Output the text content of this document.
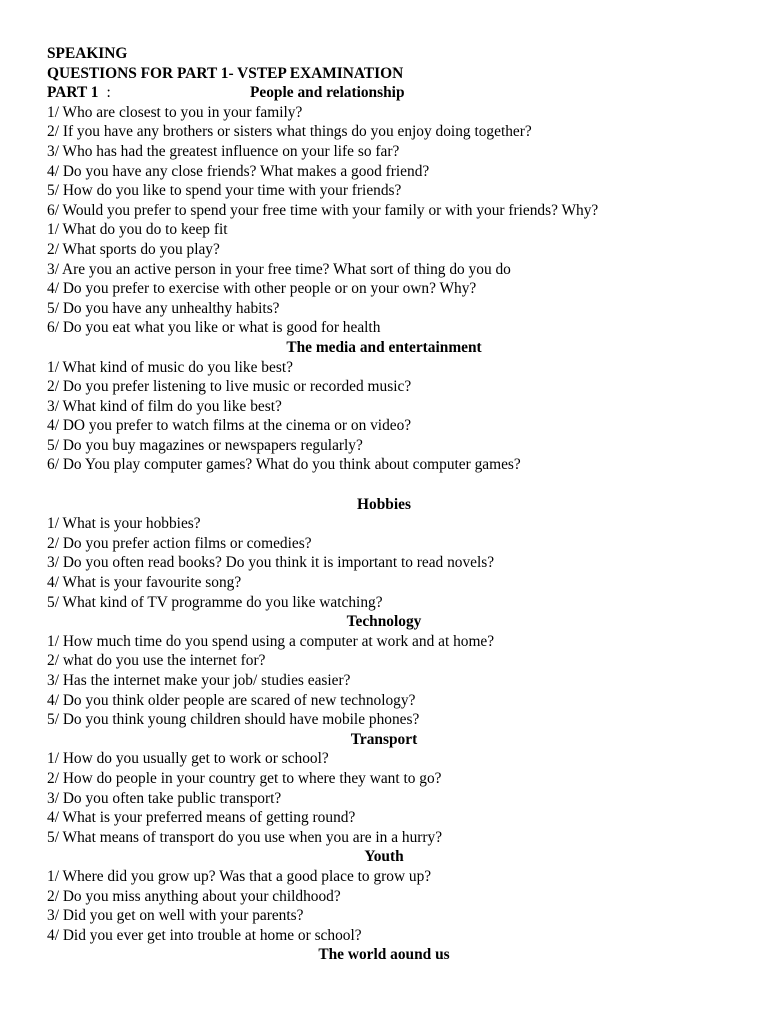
SPEAKING
QUESTIONS FOR PART 1- VSTEP EXAMINATION
PART 1 :	People and relationship
1/ Who are closest to you in your family?
2/ If you have any brothers or sisters what things do you enjoy doing together?
3/ Who has had the greatest influence on your life so far?
4/ Do you have any close friends? What makes a good friend?
5/ How do you like to spend your time with your friends?
6/ Would you prefer to spend your free time with your family or with your friends? Why?
1/ What do you do to keep fit
2/ What sports do you play?
3/ Are you an active person in your free time? What sort of thing do you do
4/ Do you prefer to exercise with other people or on your own? Why?
5/ Do you have any unhealthy habits?
6/ Do you eat what you like or what is good for health
The media and entertainment
1/ What kind of music do you like best?
2/ Do you prefer listening to live music or recorded music?
3/ What kind of film do you like best?
4/ DO you prefer to watch films at the cinema or on video?
5/ Do you buy magazines or newspapers regularly?
6/ Do You play computer games? What do you think about computer games?
Hobbies
1/ What is your hobbies?
2/ Do you prefer action films or comedies?
3/ Do you often read books? Do you think it is important to read novels?
4/ What is your favourite song?
5/ What kind of TV programme do you like watching?
Technology
1/ How much time do you spend using a computer at work and at home?
2/ what do you use the internet for?
3/ Has the internet make your job/ studies easier?
4/ Do you think older people are scared of new technology?
5/ Do you think young children should have mobile phones?
Transport
1/ How do you usually get to work or school?
2/ How do people in your country get to where they want to go?
3/ Do you often take public transport?
4/ What is your preferred means of getting round?
5/ What means of transport do you use when you are in a hurry?
Youth
1/ Where did you grow up? Was that a good place to grow up?
2/ Do you miss anything about your childhood?
3/ Did you get on well with your parents?
4/ Did you ever get into trouble at home or school?
The world aound us
